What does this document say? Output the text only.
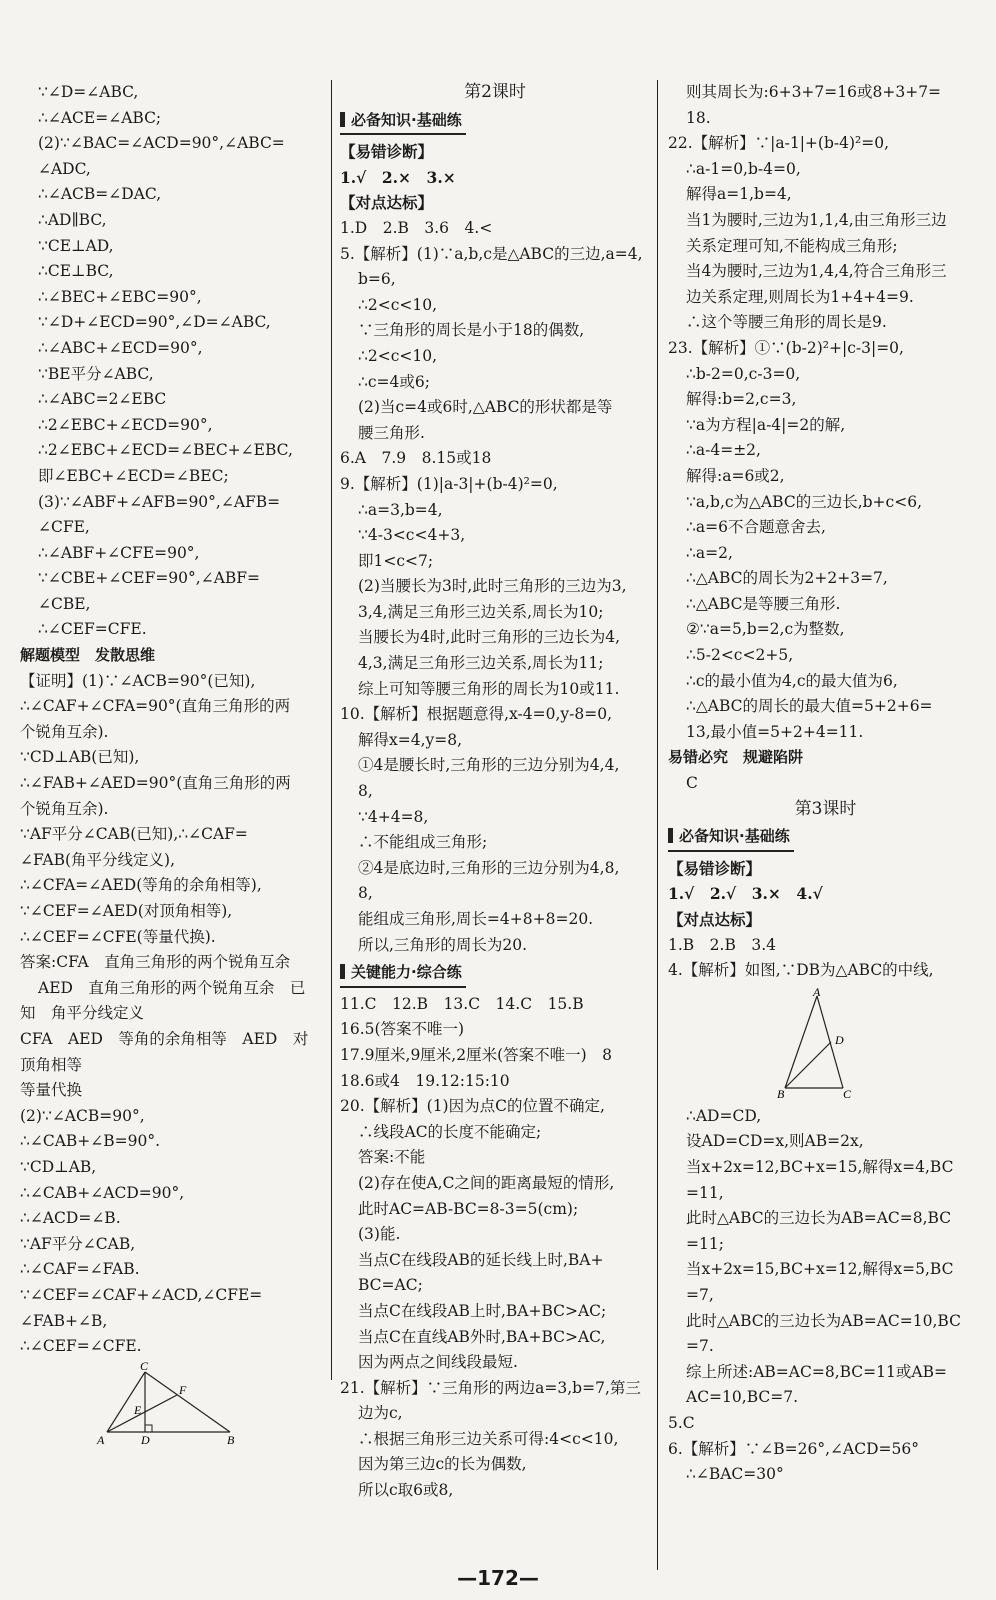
∵∠D=∠ABC,
∴∠ACE=∠ABC;
(2)∵∠BAC=∠ACD=90°,∠ABC=
∠ADC,
∴∠ACB=∠DAC,
∴AD∥BC,
∵CE⊥AD,
∴CE⊥BC,
∴∠BEC+∠EBC=90°,
∵∠D+∠ECD=90°,∠D=∠ABC,
∴∠ABC+∠ECD=90°,
∵BE平分∠ABC,
∴∠ABC=2∠EBC
∴2∠EBC+∠ECD=90°,
∴2∠EBC+∠ECD=∠BEC+∠EBC,
即∠EBC+∠ECD=∠BEC;
(3)∵∠ABF+∠AFB=90°,∠AFB=
∠CFE,
∴∠ABF+∠CFE=90°,
∵∠CBE+∠CEF=90°,∠ABF=
∠CBE,
∴∠CEF=CFE.
解题模型　发散思维
【证明】(1)∵∠ACB=90°(已知),
∴∠CAF+∠CFA=90°(直角三角形的两
个锐角互余).
∵CD⊥AB(已知),
∴∠FAB+∠AED=90°(直角三角形的两
个锐角互余).
∵AF平分∠CAB(已知),∴∠CAF=
∠FAB(角平分线定义),
∴∠CFA=∠AED(等角的余角相等),
∵∠CEF=∠AED(对顶角相等),
∴∠CEF=∠CFE(等量代换).
答案:CFA　直角三角形的两个锐角互余
AED　直角三角形的两个锐角互余　已
知　角平分线定义
CFA　AED　等角的余角相等　AED　对
顶角相等
等量代换
(2)∵∠ACB=90°,
∴∠CAB+∠B=90°.
∵CD⊥AB,
∴∠CAB+∠ACD=90°,
∴∠ACD=∠B.
∵AF平分∠CAB,
∴∠CAF=∠FAB.
∵∠CEF=∠CAF+∠ACD,∠CFE=
∠FAB+∠B,
∴∠CEF=∠CFE.
C
F
E
A	D	B
第2课时
必备知识·基础练
【易错诊断】
1.√　2.×　3.×
【对点达标】
1.D　2.B　3.6　4.<
5.【解析】(1)∵a,b,c是△ABC的三边,a=4,
b=6,
∴2<c<10,
∵三角形的周长是小于18的偶数,
∴2<c<10,
∴c=4或6;
(2)当c=4或6时,△ABC的形状都是等
腰三角形.
6.A　7.9　8.15或18
9.【解析】(1)|a-3|+(b-4)²=0,
∴a=3,b=4,
∵4-3<c<4+3,
即1<c<7;
(2)当腰长为3时,此时三角形的三边为3,
3,4,满足三角形三边关系,周长为10;
当腰长为4时,此时三角形的三边长为4,
4,3,满足三角形三边关系,周长为11;
综上可知等腰三角形的周长为10或11.
10.【解析】根据题意得,x-4=0,y-8=0,
解得x=4,y=8,
①4是腰长时,三角形的三边分别为4,4,
8,
∵4+4=8,
∴不能组成三角形;
②4是底边时,三角形的三边分别为4,8,
8,
能组成三角形,周长=4+8+8=20.
所以,三角形的周长为20.
关键能力·综合练
11.C　12.B　13.C　14.C　15.B
16.5(答案不唯一)
17.9厘米,9厘米,2厘米(答案不唯一)　8
18.6或4　19.12:15:10
20.【解析】(1)因为点C的位置不确定,
∴线段AC的长度不能确定;
答案:不能
(2)存在使A,C之间的距离最短的情形,
此时AC=AB-BC=8-3=5(cm);
(3)能.
当点C在线段AB的延长线上时,BA+
BC=AC;
当点C在线段AB上时,BA+BC>AC;
当点C在直线AB外时,BA+BC>AC,
因为两点之间线段最短.
21.【解析】∵三角形的两边a=3,b=7,第三
边为c,
∴根据三角形三边关系可得:4<c<10,
因为第三边c的长为偶数,
所以c取6或8,
则其周长为:6+3+7=16或8+3+7=
18.
22.【解析】∵|a-1|+(b-4)²=0,
∴a-1=0,b-4=0,
解得a=1,b=4,
当1为腰时,三边为1,1,4,由三角形三边
关系定理可知,不能构成三角形;
当4为腰时,三边为1,4,4,符合三角形三
边关系定理,则周长为1+4+4=9.
∴这个等腰三角形的周长是9.
23.【解析】①∵(b-2)²+|c-3|=0,
∴b-2=0,c-3=0,
解得:b=2,c=3,
∵a为方程|a-4|=2的解,
∴a-4=±2,
解得:a=6或2,
∵a,b,c为△ABC的三边长,b+c<6,
∴a=6不合题意舍去,
∴a=2,
∴△ABC的周长为2+2+3=7,
∴△ABC是等腰三角形.
②∵a=5,b=2,c为整数,
∴5-2<c<2+5,
∴c的最小值为4,c的最大值为6,
∴△ABC的周长的最大值=5+2+6=
13,最小值=5+2+4=11.
易错必究　规避陷阱
C
第3课时
必备知识·基础练
【易错诊断】
1.√　2.√　3.×　4.√
【对点达标】
1.B　2.B　3.4
4.【解析】如图,∵DB为△ABC的中线,
A
D
B	C
∴AD=CD,
设AD=CD=x,则AB=2x,
当x+2x=12,BC+x=15,解得x=4,BC
=11,
此时△ABC的三边长为AB=AC=8,BC
=11;
当x+2x=15,BC+x=12,解得x=5,BC
=7,
此时△ABC的三边长为AB=AC=10,BC
=7.
综上所述:AB=AC=8,BC=11或AB=
AC=10,BC=7.
5.C
6.【解析】∵∠B=26°,∠ACD=56°
∴∠BAC=30°
—172—
